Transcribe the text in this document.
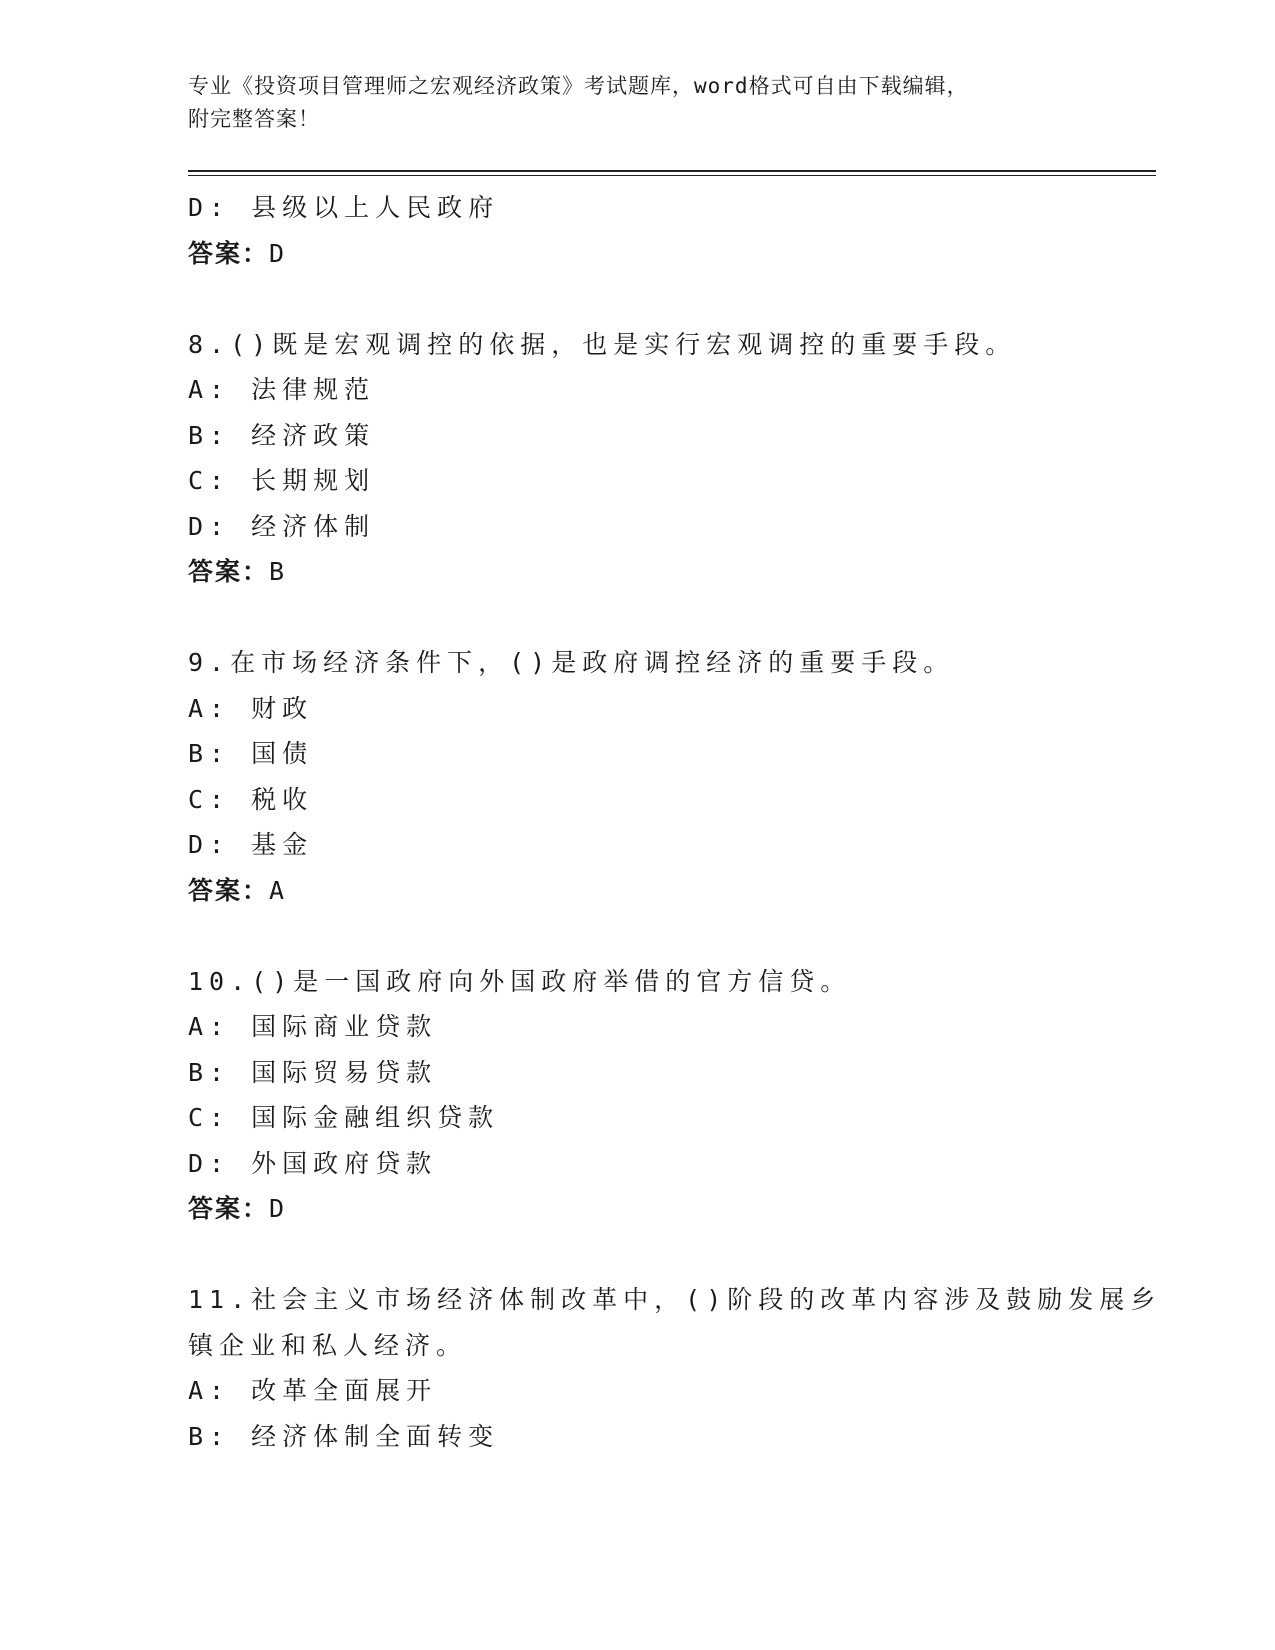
专业《投资项目管理师之宏观经济政策》考试题库，word格式可自由下载编辑，

附完整答案！

D: 县级以上人民政府
答案：D
8.()既是宏观调控的依据，也是实行宏观调控的重要手段。
A: 法律规范
B: 经济政策
C: 长期规划
D: 经济体制
答案：B
9.在市场经济条件下，()是政府调控经济的重要手段。
A: 财政
B: 国债
C: 税收
D: 基金
答案：A
10.()是一国政府向外国政府举借的官方信贷。
A: 国际商业贷款
B: 国际贸易贷款
C: 国际金融组织贷款
D: 外国政府贷款
答案：D
11.社会主义市场经济体制改革中，()阶段的改革内容涉及鼓励发展乡
镇企业和私人经济。
A: 改革全面展开
B: 经济体制全面转变
